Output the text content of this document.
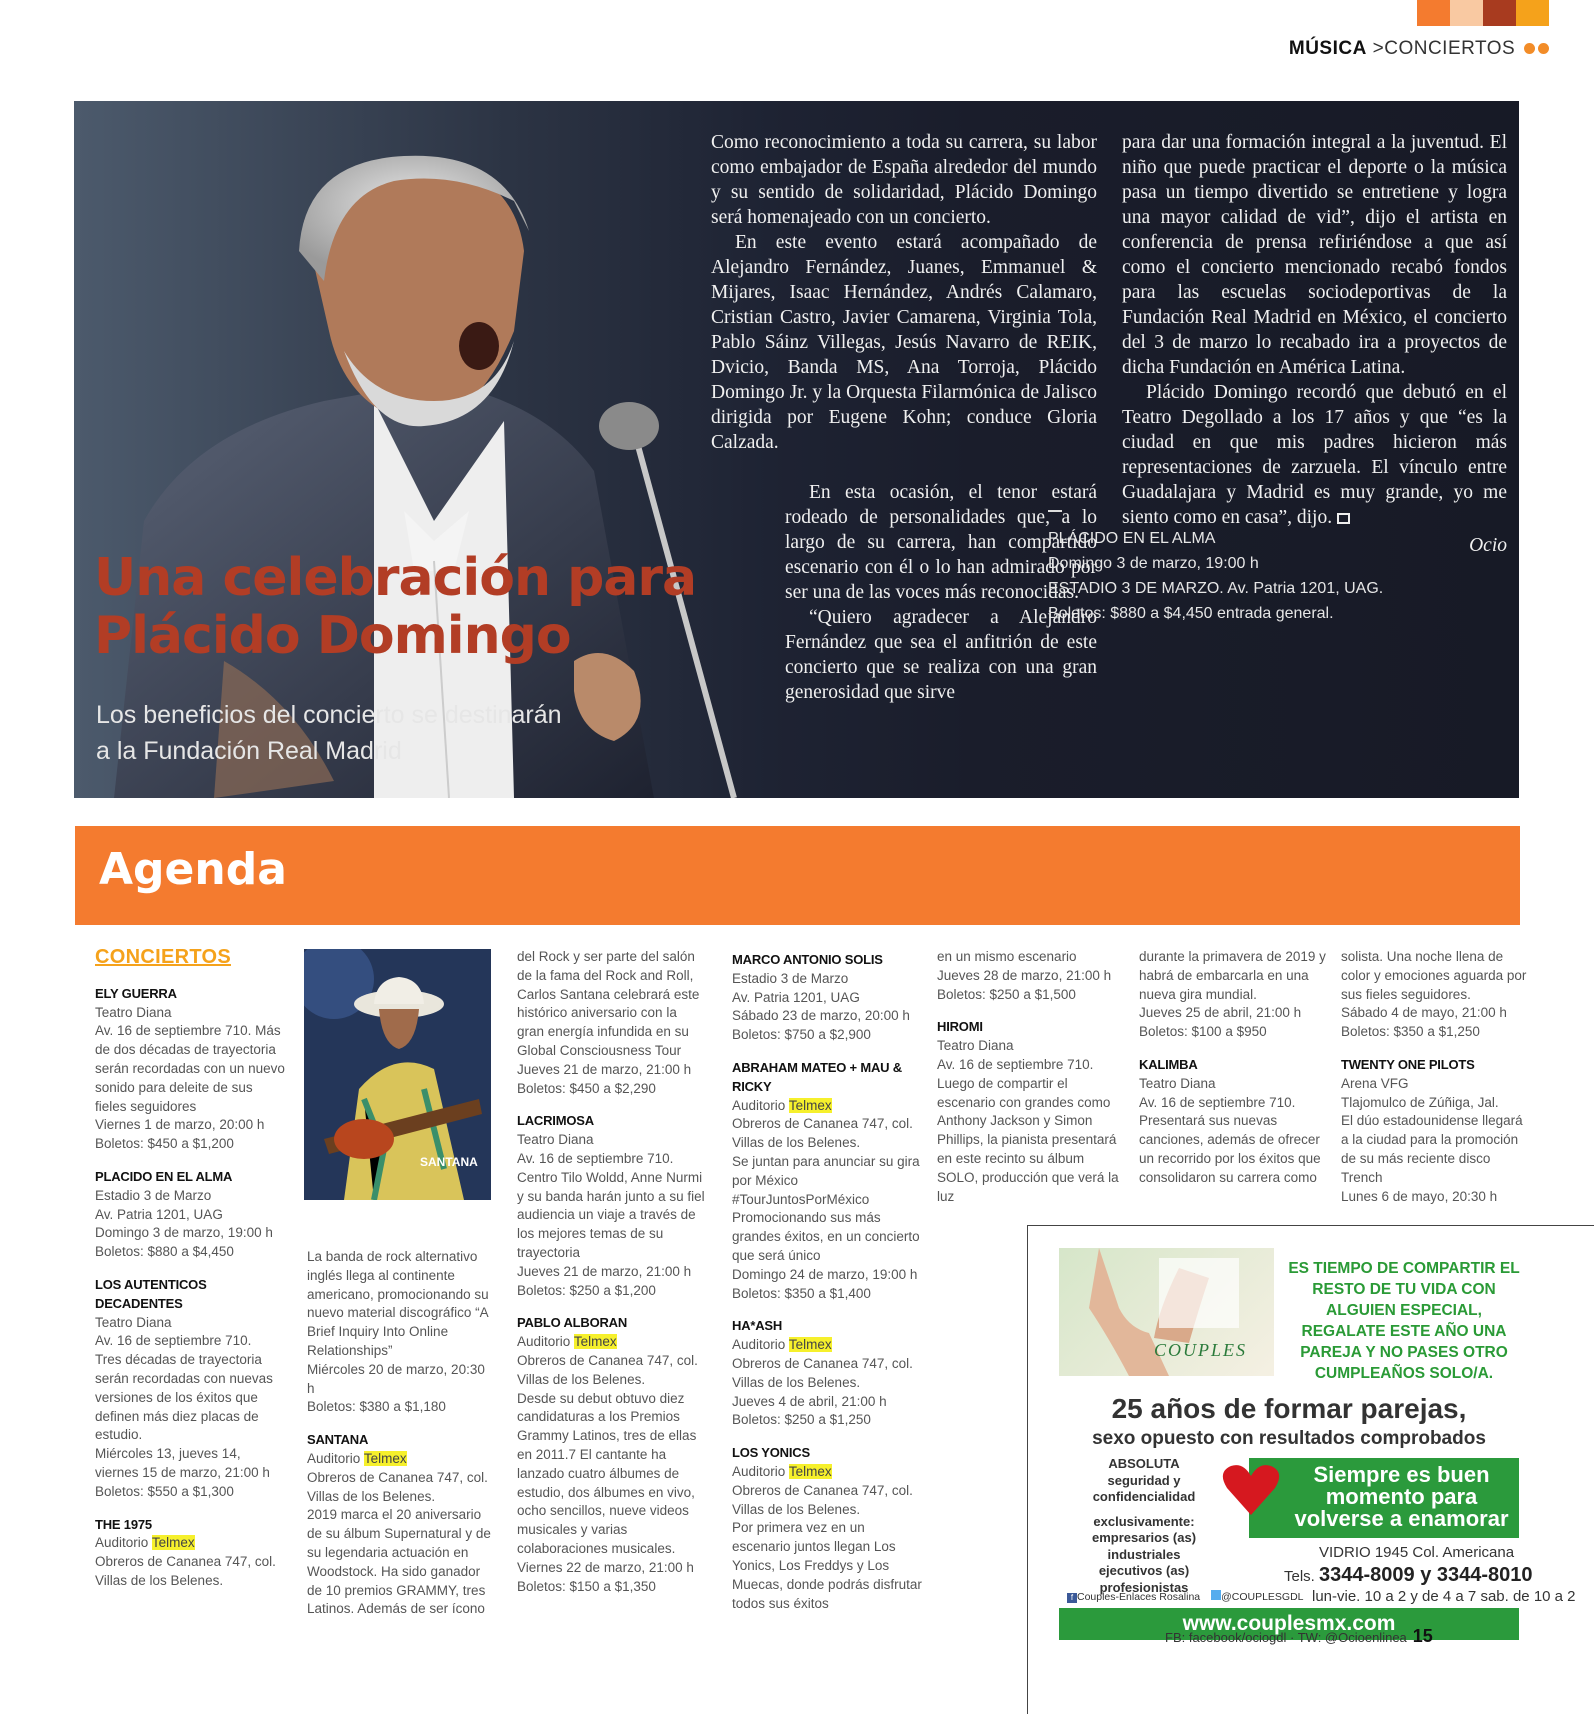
MÚSICA >CONCIERTOS
Una celebración para
Plácido Domingo

Los beneficios del concierto se destinarán
a la Fundación Real Madrid

Como reconocimiento a toda su carrera, su labor como embajador de España alrededor del mundo y su sentido de solidaridad, Plácido Domingo será homenajeado con un concierto.

En este evento estará acompañado de Alejandro Fernández, Juanes, Emmanuel & Mijares, Isaac Hernández, Andrés Calamaro, Cristian Castro, Javier Camarena, Virginia Tola, Pablo Sáinz Villegas, Jesús Navarro de REIK, Dvicio, Banda MS, Ana Torroja, Plácido Domingo Jr. y la Orquesta Filarmónica de Jalisco dirigida por Eugene Kohn; conduce Gloria Calzada.

En esta ocasión, el tenor estará rodeado de personalidades que, a lo largo de su carrera, han compartido escenario con él o lo han admirado por ser una de las voces más reconocidas.

“Quiero agradecer a Alejandro Fernández que sea el anfitrión de este concierto que se realiza con una gran generosidad que sirve

para dar una formación integral a la juventud. El niño que puede practicar el deporte o la música pasa un tiempo divertido se entretiene y logra una mayor calidad de vid”, dijo el artista en conferencia de prensa refiriéndose a que así como el concierto mencionado recabó fondos para las escuelas sociodeportivas de la Fundación Real Madrid en México, el concierto del 3 de marzo lo recabado ira a proyectos de dicha Fundación en América Latina.

Plácido Domingo recordó que debutó en el Teatro Degollado a los 17 años y que “es la ciudad en que mis padres hicieron más representaciones de zarzuela. El vínculo entre Guadalajara y Madrid es muy grande, yo me siento como en casa”, dijo.

Ocio

PLÁCIDO EN EL ALMA
Domingo 3 de marzo, 19:00 h
ESTADIO 3 DE MARZO. Av. Patria 1201, UAG.
Boletos: $880 a $4,450 entrada general.
Agenda

CONCIERTOS

ELY GUERRA

Teatro Diana

Av. 16 de septiembre 710. Más de dos décadas de trayectoria serán recordadas con un nuevo sonido para deleite de sus fieles seguidores

Viernes 1 de marzo, 20:00 h

Boletos: $450 a $1,200

PLACIDO EN EL ALMA

Estadio 3 de Marzo

Av. Patria 1201, UAG

Domingo 3 de marzo, 19:00 h

Boletos: $880 a $4,450

LOS AUTENTICOS DECADENTES

Teatro Diana

Av. 16 de septiembre 710.

Tres décadas de trayectoria serán recordadas con nuevas versiones de los éxitos que definen más diez placas de estudio.

Miércoles 13, jueves 14, viernes 15 de marzo, 21:00 h

Boletos: $550 a $1,300

THE 1975

Auditorio Telmex

Obreros de Cananea 747, col. Villas de los Belenes.

SANTANA

La banda de rock alternativo inglés llega al continente americano, promocionando su nuevo material discográfico “A Brief Inquiry Into Online Relationships”

Miércoles 20 de marzo, 20:30 h

Boletos: $380 a $1,180

SANTANA

Auditorio Telmex

Obreros de Cananea 747, col. Villas de los Belenes.

2019 marca el 20 aniversario de su álbum Supernatural y de su legendaria actuación en Woodstock. Ha sido ganador de 10 premios GRAMMY, tres Latinos. Además de ser ícono

del Rock y ser parte del salón de la fama del Rock and Roll, Carlos Santana celebrará este histórico aniversario con la gran energía infundida en su Global Consciousness Tour

Jueves 21 de marzo, 21:00 h

Boletos: $450 a $2,290

LACRIMOSA

Teatro Diana

Av. 16 de septiembre 710. Centro Tilo Woldd, Anne Nurmi y su banda harán junto a su fiel audiencia un viaje a través de los mejores temas de su trayectoria

Jueves 21 de marzo, 21:00 h

Boletos: $250 a $1,200

PABLO ALBORAN

Auditorio Telmex

Obreros de Cananea 747, col. Villas de los Belenes.

Desde su debut obtuvo diez candidaturas a los Premios Grammy Latinos, tres de ellas en 2011.7 El cantante ha lanzado cuatro álbumes de estudio, dos álbumes en vivo, ocho sencillos, nueve videos musicales y varias colaboraciones musicales.

Viernes 22 de marzo, 21:00 h

Boletos: $150 a $1,350

MARCO ANTONIO SOLIS

Estadio 3 de Marzo

Av. Patria 1201, UAG

Sábado 23 de marzo, 20:00 h

Boletos: $750 a $2,900

ABRAHAM MATEO + MAU & RICKY

Auditorio Telmex

Obreros de Cananea 747, col. Villas de los Belenes.

Se juntan para anunciar su gira por México #TourJuntosPorMéxico

Promocionando sus más grandes éxitos, en un concierto que será único

Domingo 24 de marzo, 19:00 h

Boletos: $350 a $1,400

HA*ASH

Auditorio Telmex

Obreros de Cananea 747, col. Villas de los Belenes.

Jueves 4 de abril, 21:00 h

Boletos: $250 a $1,250

LOS YONICS

Auditorio Telmex

Obreros de Cananea 747, col. Villas de los Belenes.

Por primera vez en un escenario juntos llegan Los Yonics, Los Freddys y Los Muecas, donde podrás disfrutar todos sus éxitos

en un mismo escenario

Jueves 28 de marzo, 21:00 h

Boletos: $250 a $1,500

HIROMI

Teatro Diana

Av. 16 de septiembre 710.

Luego de compartir el escenario con grandes como Anthony Jackson y Simon Phillips, la pianista presentará en este recinto su álbum SOLO, producción que verá la luz

durante la primavera de 2019 y habrá de embarcarla en una nueva gira mundial.

Jueves 25 de abril, 21:00 h

Boletos: $100 a $950

KALIMBA

Teatro Diana

Av. 16 de septiembre 710.

Presentará sus nuevas canciones, además de ofrecer un recorrido por los éxitos que consolidaron su carrera como

solista. Una noche llena de color y emociones aguarda por sus fieles seguidores.

Sábado 4 de mayo, 21:00 h

Boletos: $350 a $1,250

TWENTY ONE PILOTS

Arena VFG

Tlajomulco de Zúñiga, Jal.

El dúo estadounidense llegará a la ciudad para la promoción de su más reciente disco Trench

Lunes 6 de mayo, 20:30 h

COUPLES
ES TIEMPO DE COMPARTIR EL RESTO DE TU VIDA CON ALGUIEN ESPECIAL, REGALATE ESTE AÑO UNA PAREJA Y NO PASES OTRO CUMPLEAÑOS SOLO/A.
25 años de formar parejas,
sexo opuesto con resultados comprobados
ABSOLUTA
seguridad y confidencialidad
exclusivamente:
empresarios (as)
industriales
ejecutivos (as)
profesionistas
Siempre es buen momento para volverse a enamorar
VIDRIO 1945 Col. Americana
Tels. 3344-8009 y 3344-8010
lun-vie. 10 a 2 y de 4 a 7 sab. de 10 a 2
f Couples-Enlaces Rosalina @COUPLESGDL
www.couplesmx.com
FB: facebook/ociogdl · TW: @Ocioenlinea 15
